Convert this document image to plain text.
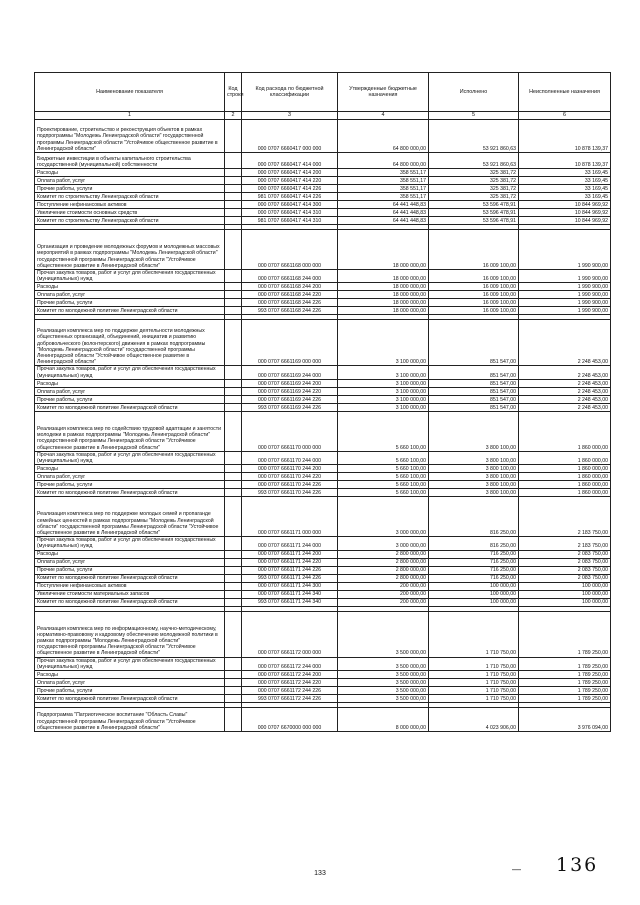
Наименование показателя	Код строки	Код расхода по бюджетной классификации	Утвержденные бюджетные назначения	Исполнено	Неисполненные назначения
1	2	3	4	5	6
Проектирование, строительство и реконструкция объектов в рамках подпрограммы "Молодежь Ленинградской области" государственной программы Ленинградской области "Устойчивое общественное развитие в Ленинградской области"		000 0707 6660417 000 000	64 800 000,00	53 921 860,63	10 878 139,37
Бюджетные инвестиции в объекты капитального строительства государственной (муниципальной) собственности		000 0707 6660417 414 000	64 800 000,00	53 921 860,63	10 878 139,37
Расходы		000 0707 6660417 414 200	358 551,17	325 381,72	33 169,45
Оплата работ, услуг		000 0707 6660417 414 220	358 551,17	325 381,72	33 169,45
Прочие работы, услуги		000 0707 6660417 414 226	358 551,17	325 381,72	33 169,45
Комитет по строительству Ленинградской области		981 0707 6660417 414 226	358 551,17	325 381,72	33 169,45
Поступление нефинансовых активов		000 0707 6660417 414 300	64 441 448,83	53 596 478,91	10 844 969,92
Увеличение стоимости основных средств		000 0707 6660417 414 310	64 441 448,83	53 596 478,91	10 844 969,92
Комитет по строительству Ленинградской области		981 0707 6660417 414 310	64 441 448,83	53 596 478,91	10 844 969,92

Организация и проведение молодежных форумов и молодежных массовых мероприятий в рамках подпрограммы "Молодежь Ленинградской области" государственной программы Ленинградской области "Устойчивое общественное развитие в Ленинградской области"		000 0707 6661168 000 000	18 000 000,00	16 009 100,00	1 990 900,00
Прочая закупка товаров, работ и услуг для обеспечения государственных (муниципальных) нужд		000 0707 6661168 244 000	18 000 000,00	16 009 100,00	1 990 900,00
Расходы		000 0707 6661168 244 200	18 000 000,00	16 009 100,00	1 990 900,00
Оплата работ, услуг		000 0707 6661168 244 220	18 000 000,00	16 009 100,00	1 990 900,00
Прочие работы, услуги		000 0707 6661168 244 226	18 000 000,00	16 009 100,00	1 990 900,00
Комитет по молодежной политике Ленинградской области		993 0707 6661168 244 226	18 000 000,00	16 009 100,00	1 990 900,00

Реализация комплекса мер по поддержке деятельности молодежных общественных организаций, объединений, инициатив и развитию добровольческого (волонтерского) движения в рамках подпрограммы "Молодежь Ленинградской области" государственной программы Ленинградской области "Устойчивое общественное развитие в Ленинградской области"		000 0707 6661169 000 000	3 100 000,00	851 547,00	2 248 453,00
Прочая закупка товаров, работ и услуг для обеспечения государственных (муниципальных) нужд		000 0707 6661169 244 000	3 100 000,00	851 547,00	2 248 453,00
Расходы		000 0707 6661169 244 200	3 100 000,00	851 547,00	2 248 453,00
Оплата работ, услуг		000 0707 6661169 244 220	3 100 000,00	851 547,00	2 248 453,00
Прочие работы, услуги		000 0707 6661169 244 226	3 100 000,00	851 547,00	2 248 453,00
Комитет по молодежной политике Ленинградской области		993 0707 6661169 244 226	3 100 000,00	851 547,00	2 248 453,00
Реализация комплекса мер по содействию трудовой адаптации и занятости молодежи в рамках подпрограммы "Молодежь Ленинградской области" государственной программы Ленинградской области "Устойчивое общественное развитие в Ленинградской области"		000 0707 6661170 000 000	5 660 100,00	3 800 100,00	1 860 000,00
Прочая закупка товаров, работ и услуг для обеспечения государственных (муниципальных) нужд		000 0707 6661170 244 000	5 660 100,00	3 800 100,00	1 860 000,00
Расходы		000 0707 6661170 244 200	5 660 100,00	3 800 100,00	1 860 000,00
Оплата работ, услуг		000 0707 6661170 244 220	5 660 100,00	3 800 100,00	1 860 000,00
Прочие работы, услуги		000 0707 6661170 244 226	5 660 100,00	3 800 100,00	1 860 000,00
Комитет по молодежной политике Ленинградской области		993 0707 6661170 244 226	5 660 100,00	3 800 100,00	1 860 000,00
Реализация комплекса мер по поддержке молодых семей и пропаганде семейных ценностей в рамках подпрограммы "Молодежь Ленинградской области" государственной программы Ленинградской области "Устойчивое общественное развитие в Ленинградской области"		000 0707 6661171 000 000	3 000 000,00	816 250,00	2 183 750,00
Прочая закупка товаров, работ и услуг для обеспечения государственных (муниципальных) нужд		000 0707 6661171 244 000	3 000 000,00	816 250,00	2 183 750,00
Расходы		000 0707 6661171 244 200	2 800 000,00	716 250,00	2 083 750,00
Оплата работ, услуг		000 0707 6661171 244 220	2 800 000,00	716 250,00	2 083 750,00
Прочие работы, услуги		000 0707 6661171 244 226	2 800 000,00	716 250,00	2 083 750,00
Комитет по молодежной политике Ленинградской области		993 0707 6661171 244 226	2 800 000,00	716 250,00	2 083 750,00
Поступление нефинансовых активов		000 0707 6661171 244 300	200 000,00	100 000,00	100 000,00
Увеличение стоимости материальных запасов		000 0707 6661171 244 340	200 000,00	100 000,00	100 000,00
Комитет по молодежной политике Ленинградской области		993 0707 6661171 244 340	200 000,00	100 000,00	100 000,00

Реализация комплекса мер по информационному, научно-методическому, нормативно-правовому и кадровому обеспечению молодежной политики в рамках подпрограммы "Молодежь Ленинградской области" государственной программы Ленинградской области "Устойчивое общественное развитие в Ленинградской области"		000 0707 6661172 000 000	3 500 000,00	1 710 750,00	1 789 250,00
Прочая закупка товаров, работ и услуг для обеспечения государственных (муниципальных) нужд		000 0707 6661172 244 000	3 500 000,00	1 710 750,00	1 789 250,00
Расходы		000 0707 6661172 244 200	3 500 000,00	1 710 750,00	1 789 250,00
Оплата работ, услуг		000 0707 6661172 244 220	3 500 000,00	1 710 750,00	1 789 250,00
Прочие работы, услуги		000 0707 6661172 244 226	3 500 000,00	1 710 750,00	1 789 250,00
Комитет по молодежной политике Ленинградской области		993 0707 6661172 244 226	3 500 000,00	1 710 750,00	1 789 250,00

Подпрограмма "Патриотическое воспитание "Область Славы" государственной программы Ленинградской области "Устойчивое общественное развитие в Ленинградской области"		000 0707 6670000 000 000	8 000 000,00	4 023 906,00	3 976 094,00
—
133	136
